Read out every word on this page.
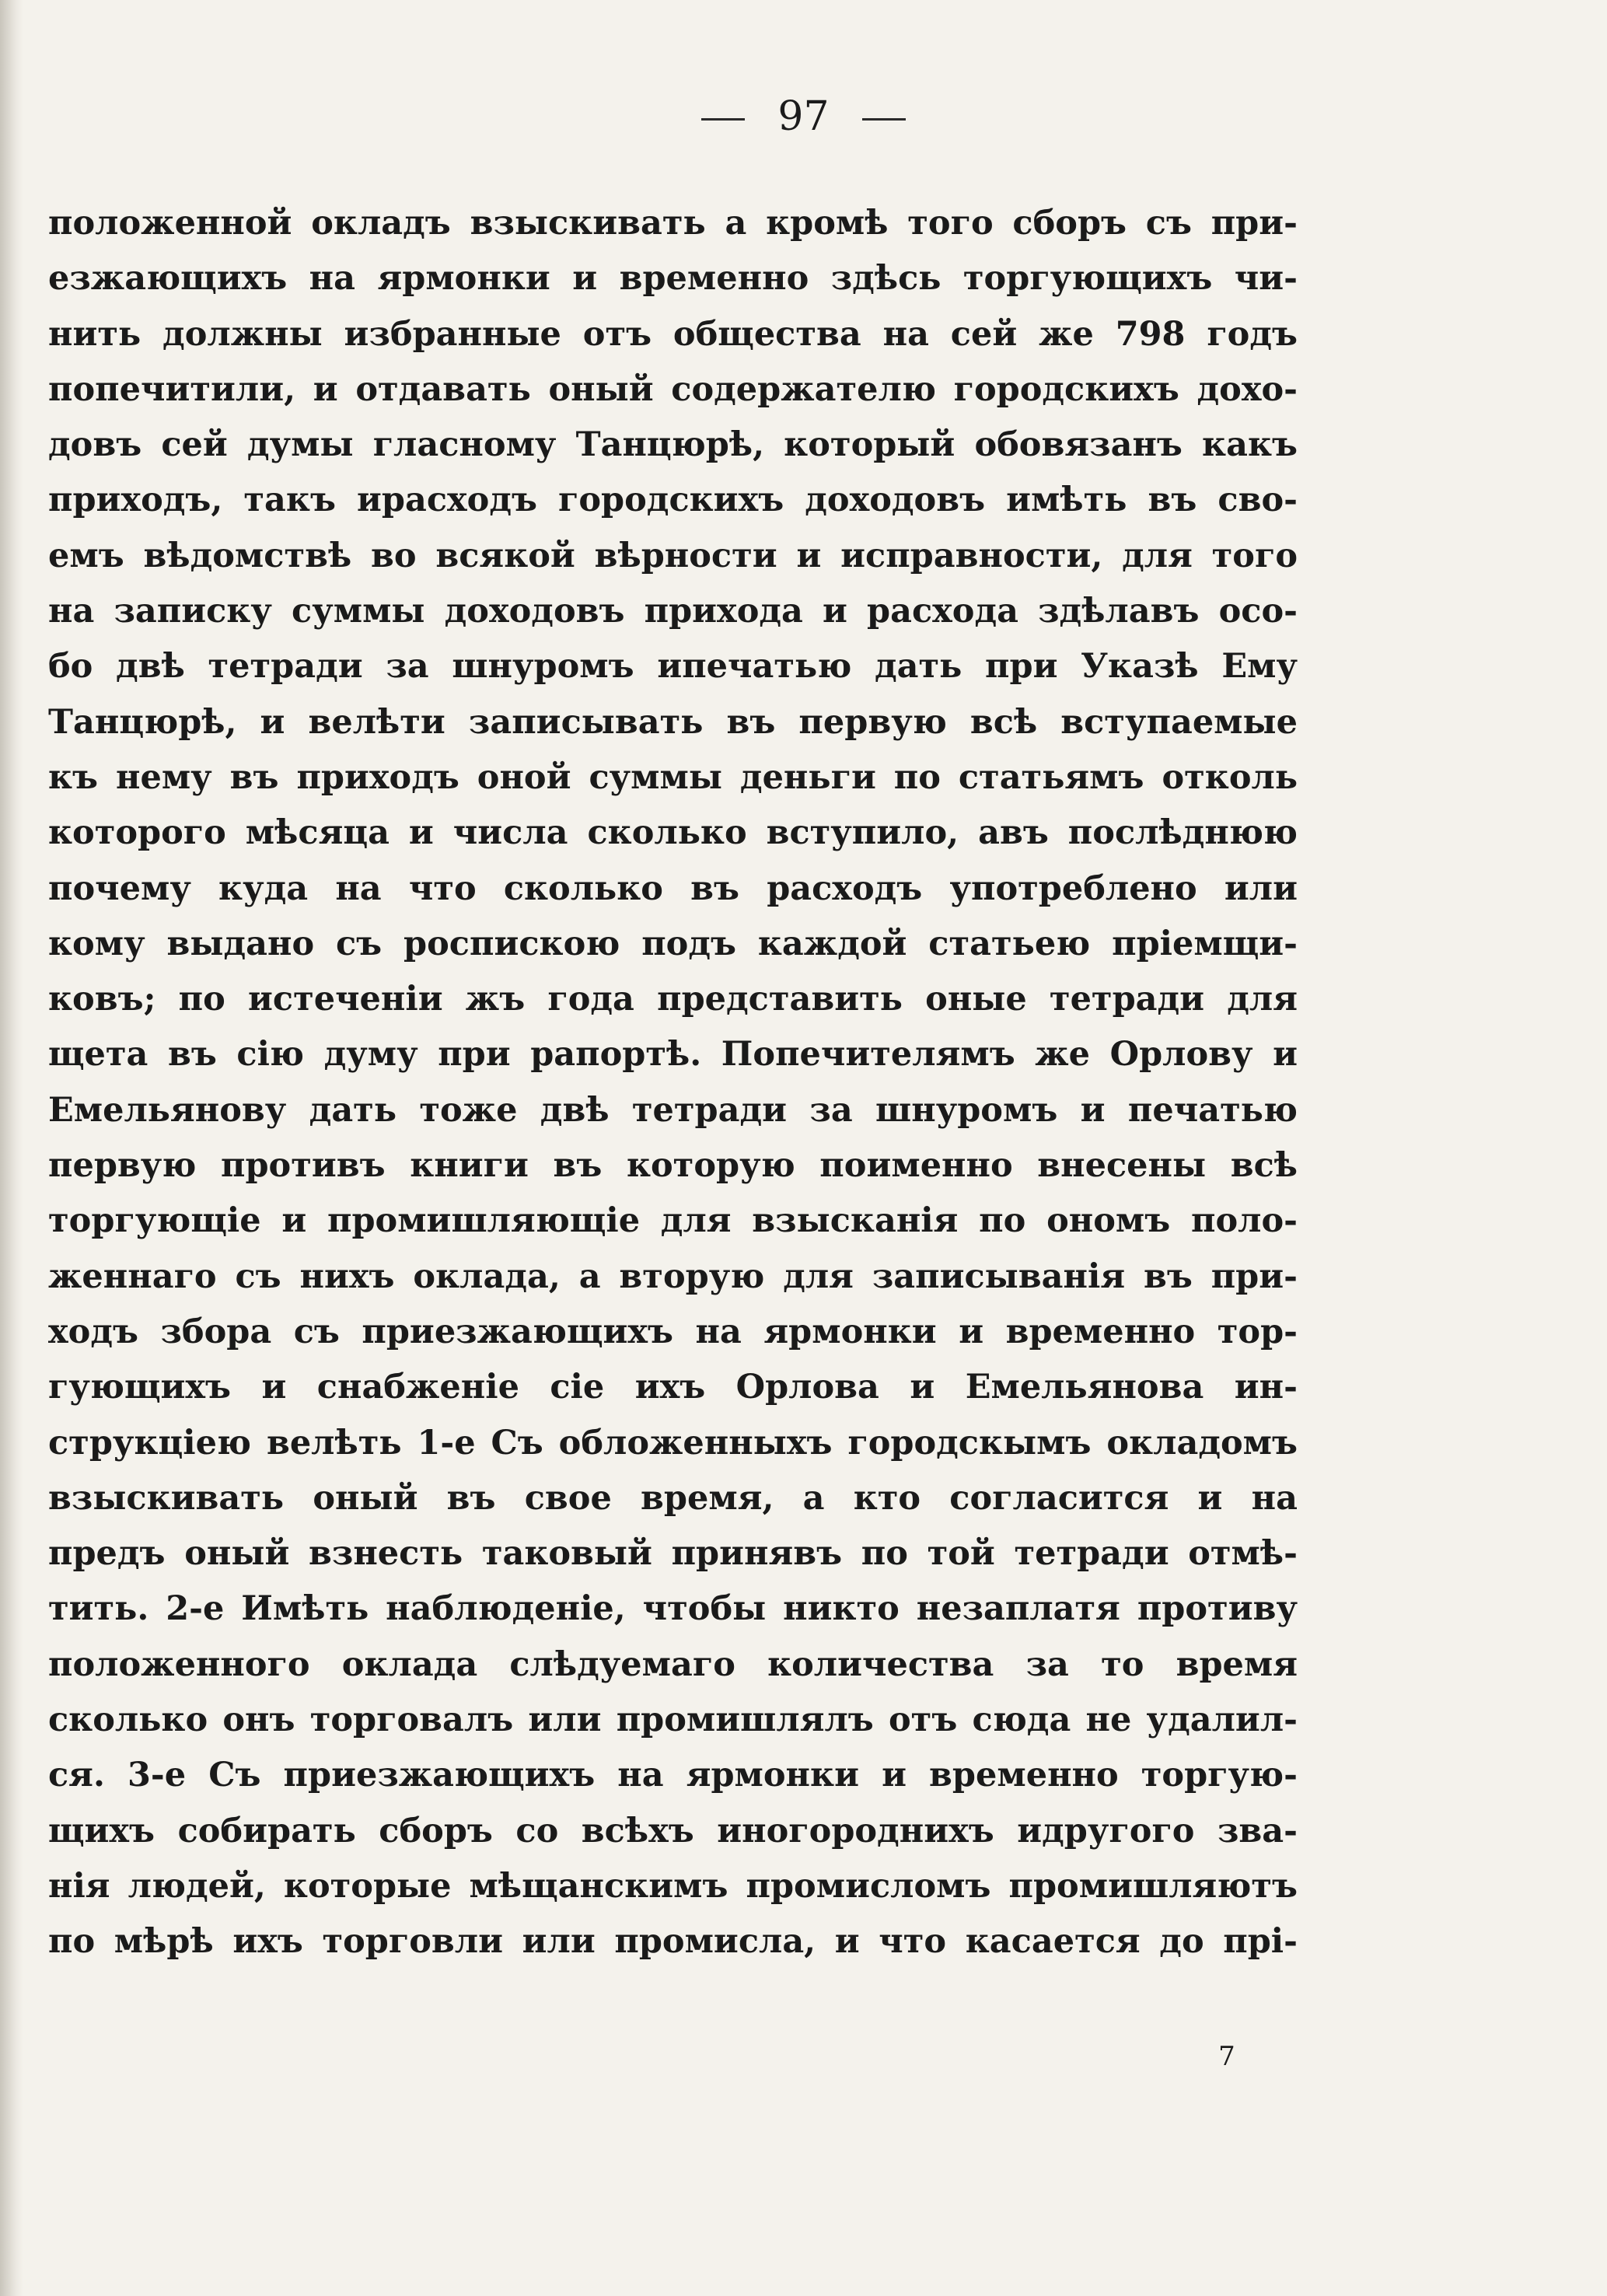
97
положенной окладъ взыскивать а кромѣ того сборъ съ при-
езжающихъ на ярмонки и временно здѣсь торгующихъ чи-
нить должны избранные отъ общества на сей же 798 годъ
попечитили, и отдавать оный содержателю городскихъ дохо-
довъ сей думы гласному Танцюрѣ, который обовязанъ какъ
приходъ, такъ ирасходъ городскихъ доходовъ имѣть въ сво-
емъ вѣдомствѣ во всякой вѣрности и исправности, для того
на записку суммы доходовъ прихода и расхода здѣлавъ осо-
бо двѣ тетради за шнуромъ ипечатью дать при Указѣ Ему
Танцюрѣ, и велѣти записывать въ первую всѣ вступаемые
къ нему въ приходъ оной суммы деньги по статьямъ отколь
которого мѣсяца и числа сколько вступило, авъ послѣднюю
почему куда на что сколько въ расходъ употреблено или
кому выдано съ роспискою подъ каждой статьею пріемщи-
ковъ; по истеченіи жъ года представить оные тетради для
щета въ сію думу при рапортѣ. Попечителямъ же Орлову и
Емельянову дать тоже двѣ тетради за шнуромъ и печатью
первую противъ книги въ которую поименно внесены всѣ
торгующіе и промишляющіе для взысканія по ономъ поло-
женнаго съ нихъ оклада, а вторую для записыванія въ при-
ходъ збора съ приезжающихъ на ярмонки и временно тор-
гующихъ и снабженіе сіе ихъ Орлова и Емельянова ин-
струкціею велѣть 1-е Съ обложенныхъ городскымъ окладомъ
взыскивать оный въ свое время, а кто согласится и на
предъ оный взнесть таковый принявъ по той тетради отмѣ-
тить. 2-е Имѣть наблюденіе, чтобы никто незаплатя противу
положенного оклада слѣдуемаго количества за то время
сколько онъ торговалъ или промишлялъ отъ сюда не удалил-
ся. 3-е Съ приезжающихъ на ярмонки и временно торгую-
щихъ собирать сборъ со всѣхъ иногороднихъ идругого зва-
нія людей, которые мѣщанскимъ промисломъ промишляютъ
по мѣрѣ ихъ торговли или промисла, и что касается до прі-
7
